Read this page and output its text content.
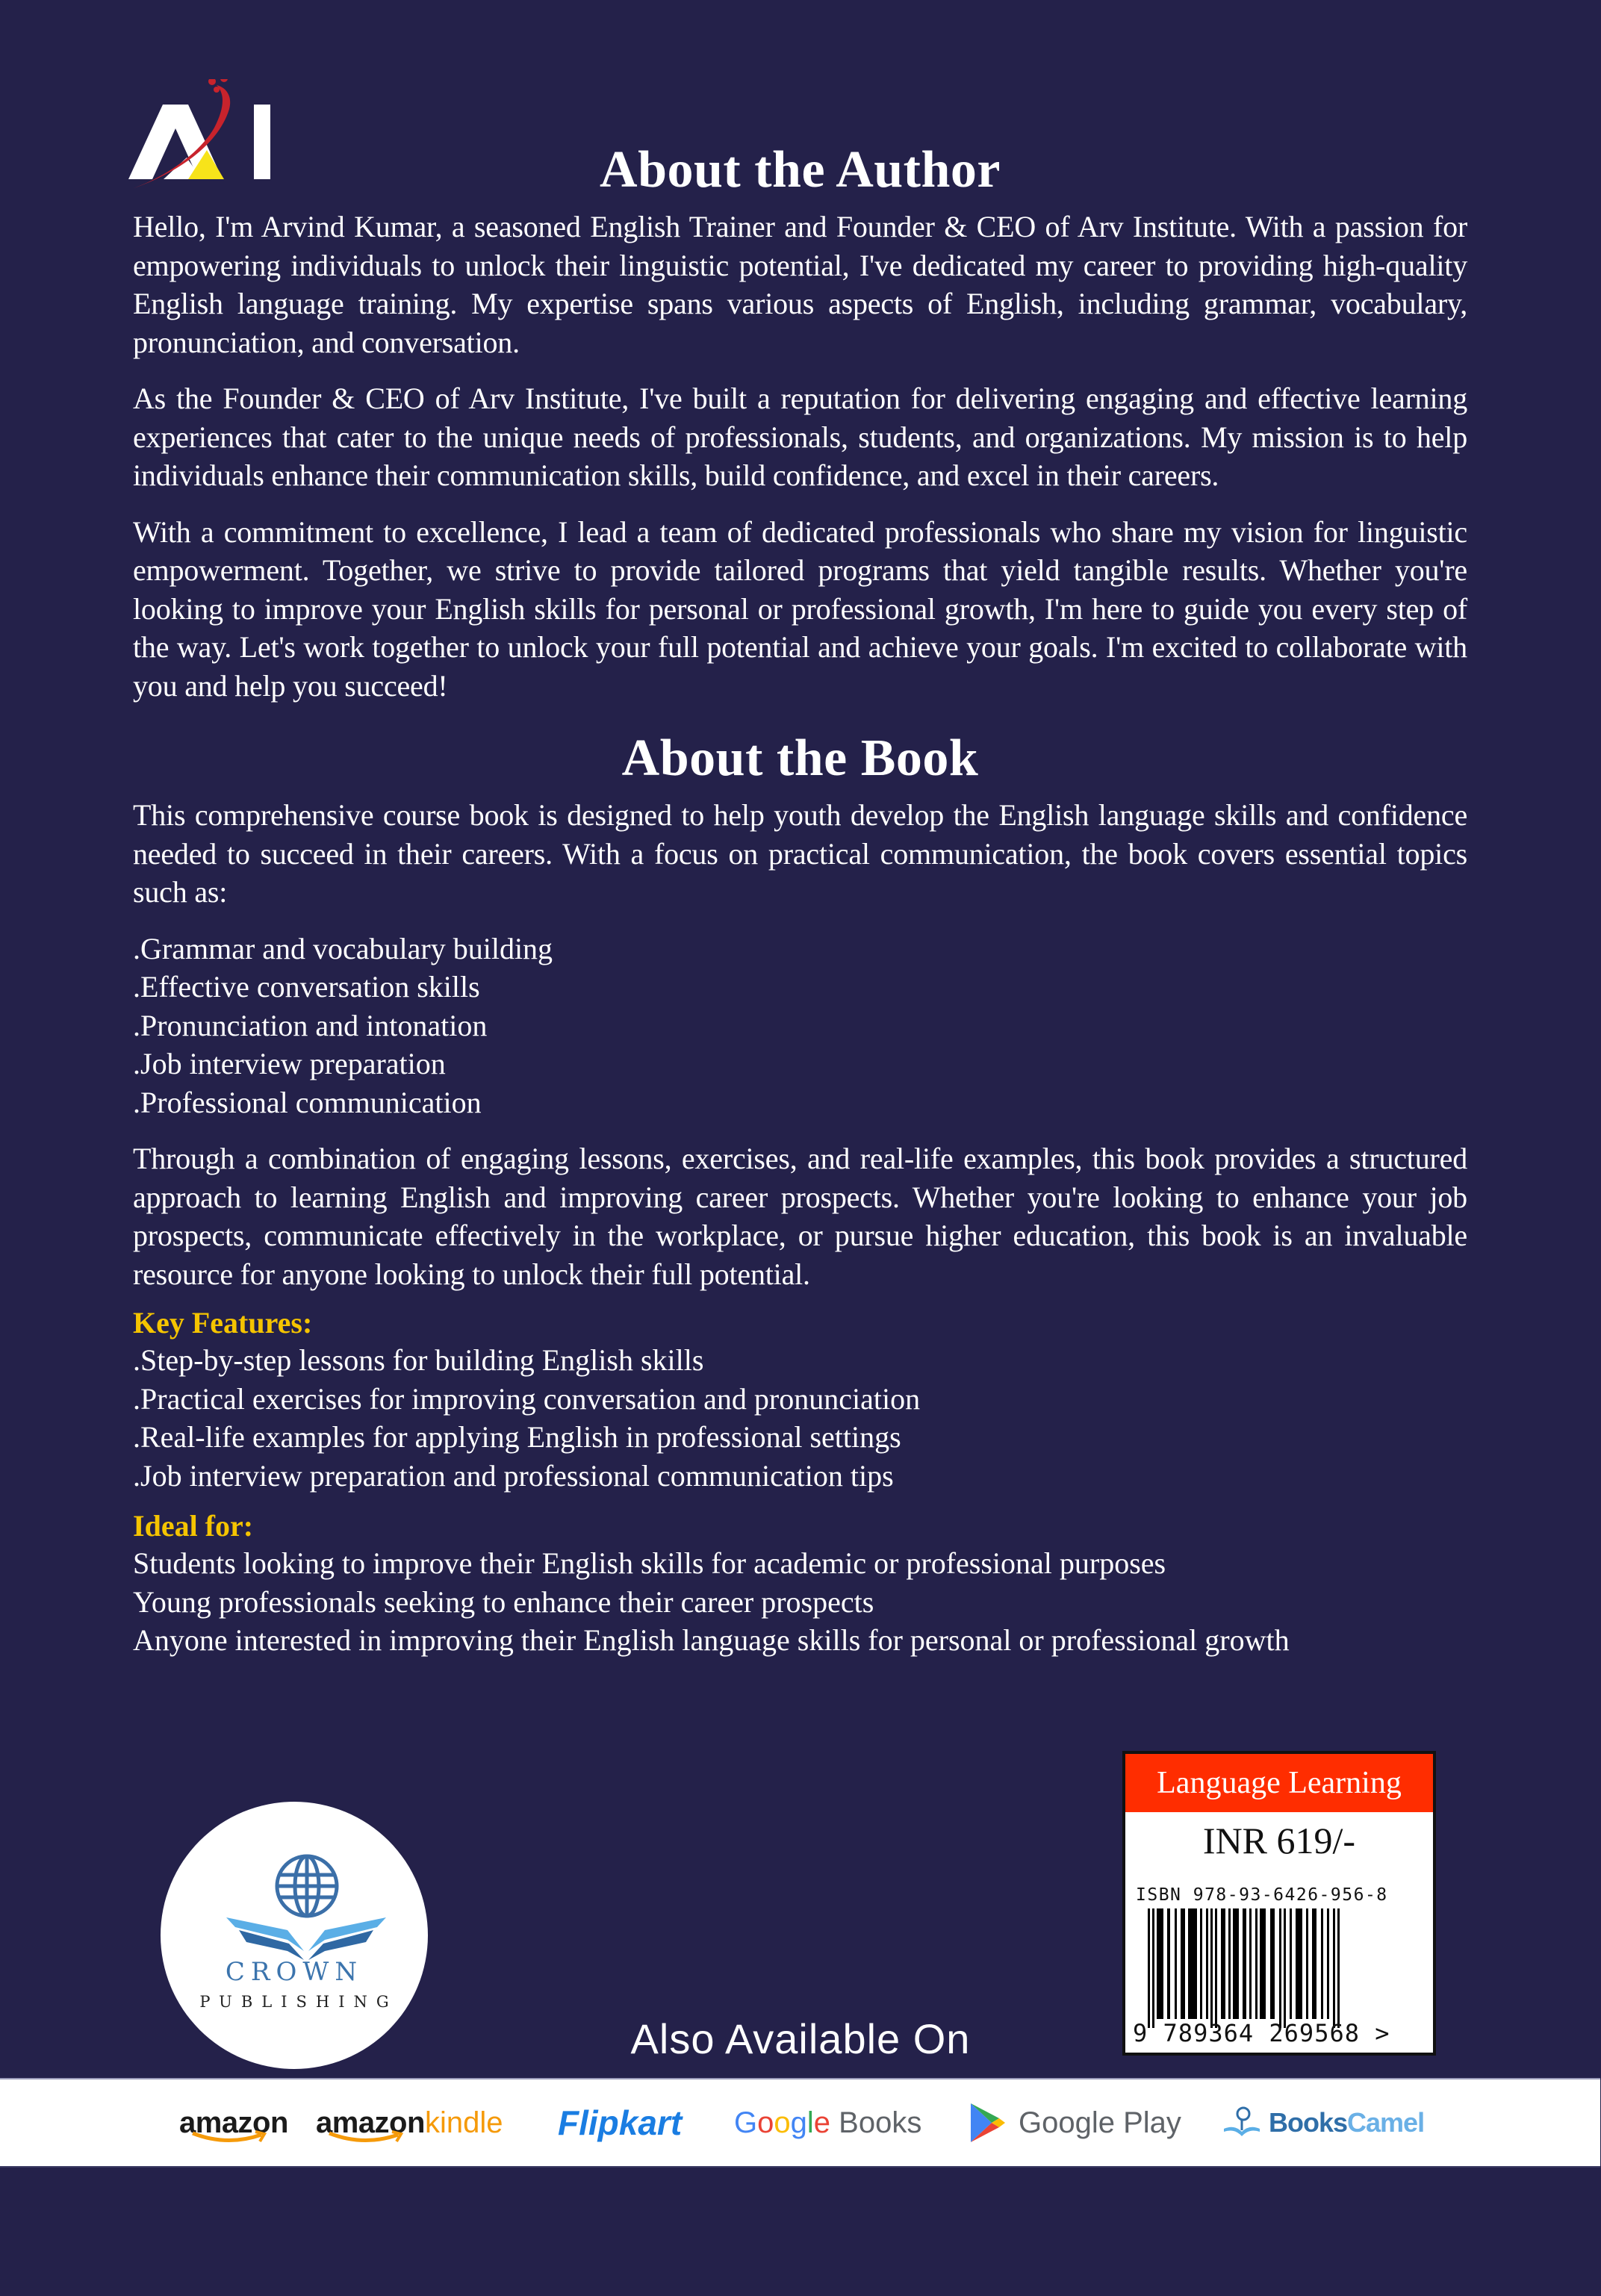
About the Author

Hello, I'm Arvind Kumar, a seasoned English Trainer and Founder & CEO of Arv Institute. With a passion for empowering individuals to unlock their linguistic potential, I've dedicated my career to providing high-quality English language training. My expertise spans various aspects of English, including grammar, vocabulary, pronunciation, and conversation.

As the Founder & CEO of Arv Institute, I've built a reputation for delivering engaging and effective learning experiences that cater to the unique needs of professionals, students, and organizations. My mission is to help individuals enhance their communication skills, build confidence, and excel in their careers.

With a commitment to excellence, I lead a team of dedicated professionals who share my vision for linguistic empowerment. Together, we strive to provide tailored programs that yield tangible results. Whether you're looking to improve your English skills for personal or professional growth, I'm here to guide you every step of the way. Let's work together to unlock your full potential and achieve your goals. I'm excited to collaborate with you and help you succeed!

About the Book

This comprehensive course book is designed to help youth develop the English language skills and confidence needed to succeed in their careers. With a focus on practical communication, the book covers essential topics such as:

.Grammar and vocabulary building
.Effective conversation skills
.Pronunciation and intonation
.Job interview preparation
.Professional communication

Through a combination of engaging lessons, exercises, and real-life examples, this book provides a structured approach to learning English and improving career prospects. Whether you're looking to enhance your job prospects, communicate effectively in the workplace, or pursue higher education, this book is an invaluable resource for anyone looking to unlock their full potential.

Key Features:

.Step-by-step lessons for building English skills
.Practical exercises for improving conversation and pronunciation
.Real-life examples for applying English in professional settings
.Job interview preparation and professional communication tips

Ideal for:

Students looking to improve their English skills for academic or professional purposes
Young professionals seeking to enhance their career prospects
Anyone interested in improving their English language skills for personal or professional growth
CROWN
PUBLISHING
Language Learning
INR 619/-
ISBN 978-93-6426-956-8
9 789364 269568 >
Also Available On
amazon amazon kindle Flipkart Google Books	Google Play	BooksCamel
